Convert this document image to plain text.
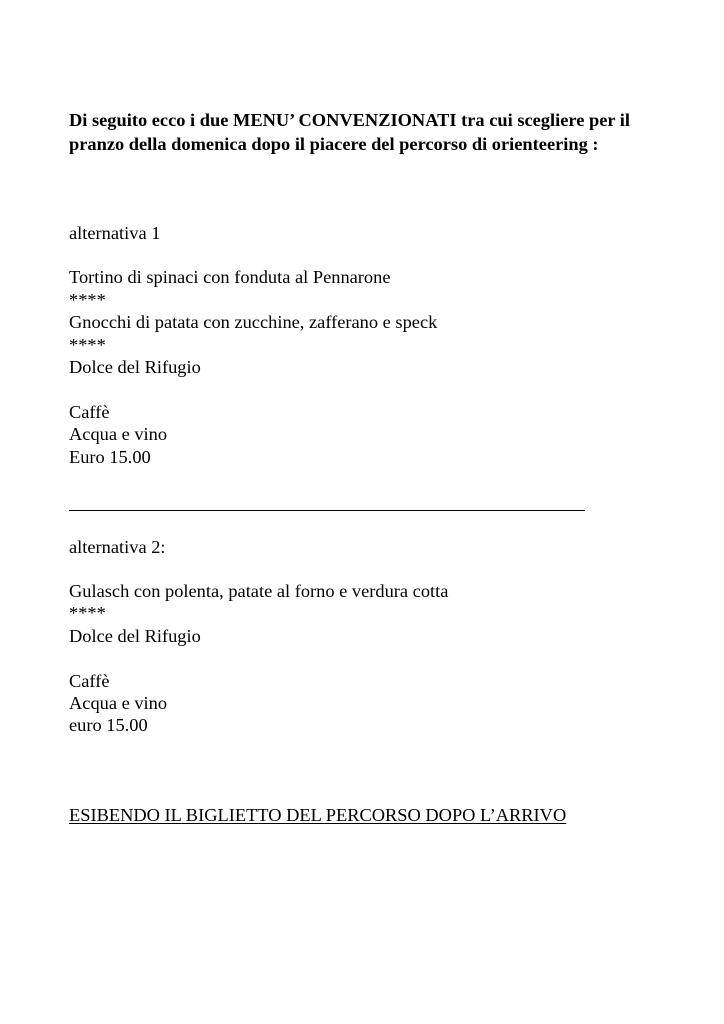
Di seguito ecco i due MENU’ CONVENZIONATI tra cui scegliere per il pranzo della domenica dopo il piacere del percorso di orienteering :

alternativa 1

Tortino di spinaci con fonduta al Pennarone

****

Gnocchi di patata con zucchine, zafferano e speck

****

Dolce del Rifugio

Caffè

Acqua e vino

Euro 15.00

alternativa 2:

Gulasch con polenta, patate al forno e verdura cotta

****

Dolce del Rifugio

Caffè

Acqua e vino

euro 15.00

ESIBENDO IL BIGLIETTO DEL PERCORSO DOPO L’ARRIVO
